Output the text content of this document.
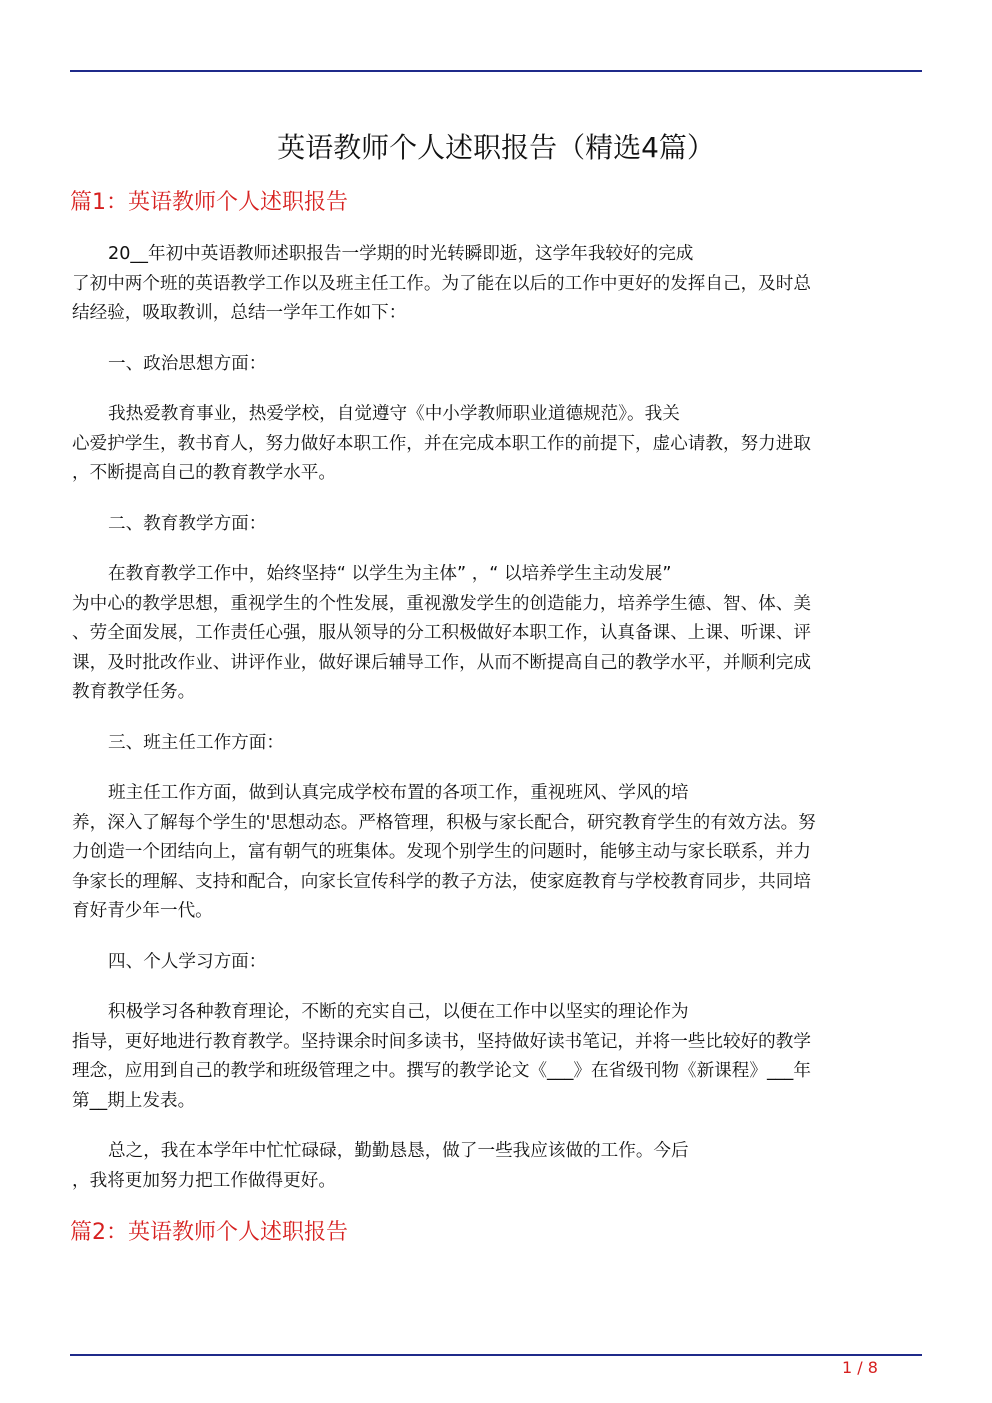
英语教师个人述职报告（精选4篇）
篇1：英语教师个人述职报告
20__年初中英语教师述职报告一学期的时光转瞬即逝，这学年我较好的完成
了初中两个班的英语教学工作以及班主任工作。为了能在以后的工作中更好的发挥自己，及时总
结经验，吸取教训，总结一学年工作如下：
一、政治思想方面：
我热爱教育事业，热爱学校，自觉遵守《中小学教师职业道德规范》。我关
心爱护学生，教书育人，努力做好本职工作，并在完成本职工作的前提下，虚心请教，努力进取
，不断提高自己的教育教学水平。
二、教育教学方面：
在教育教学工作中，始终坚持“ 以学生为主体” ，“ 以培养学生主动发展”
为中心的教学思想，重视学生的个性发展，重视激发学生的创造能力，培养学生德、智、体、美
、劳全面发展，工作责任心强，服从领导的分工积极做好本职工作，认真备课、上课、听课、评
课，及时批改作业、讲评作业，做好课后辅导工作，从而不断提高自己的教学水平，并顺利完成
教育教学任务。
三、班主任工作方面：
班主任工作方面，做到认真完成学校布置的各项工作，重视班风、学风的培
养，深入了解每个学生的'思想动态。严格管理，积极与家长配合，研究教育学生的有效方法。努
力创造一个团结向上，富有朝气的班集体。发现个别学生的问题时，能够主动与家长联系，并力
争家长的理解、支持和配合，向家长宣传科学的教子方法，使家庭教育与学校教育同步，共同培
育好青少年一代。
四、个人学习方面：
积极学习各种教育理论，不断的充实自己，以便在工作中以坚实的理论作为
指导，更好地进行教育教学。坚持课余时间多读书，坚持做好读书笔记，并将一些比较好的教学
理念，应用到自己的教学和班级管理之中。撰写的教学论文《___》在省级刊物《新课程》___年
第__期上发表。
总之，我在本学年中忙忙碌碌，勤勤恳恳，做了一些我应该做的工作。今后
，我将更加努力把工作做得更好。
篇2：英语教师个人述职报告
1 / 8
